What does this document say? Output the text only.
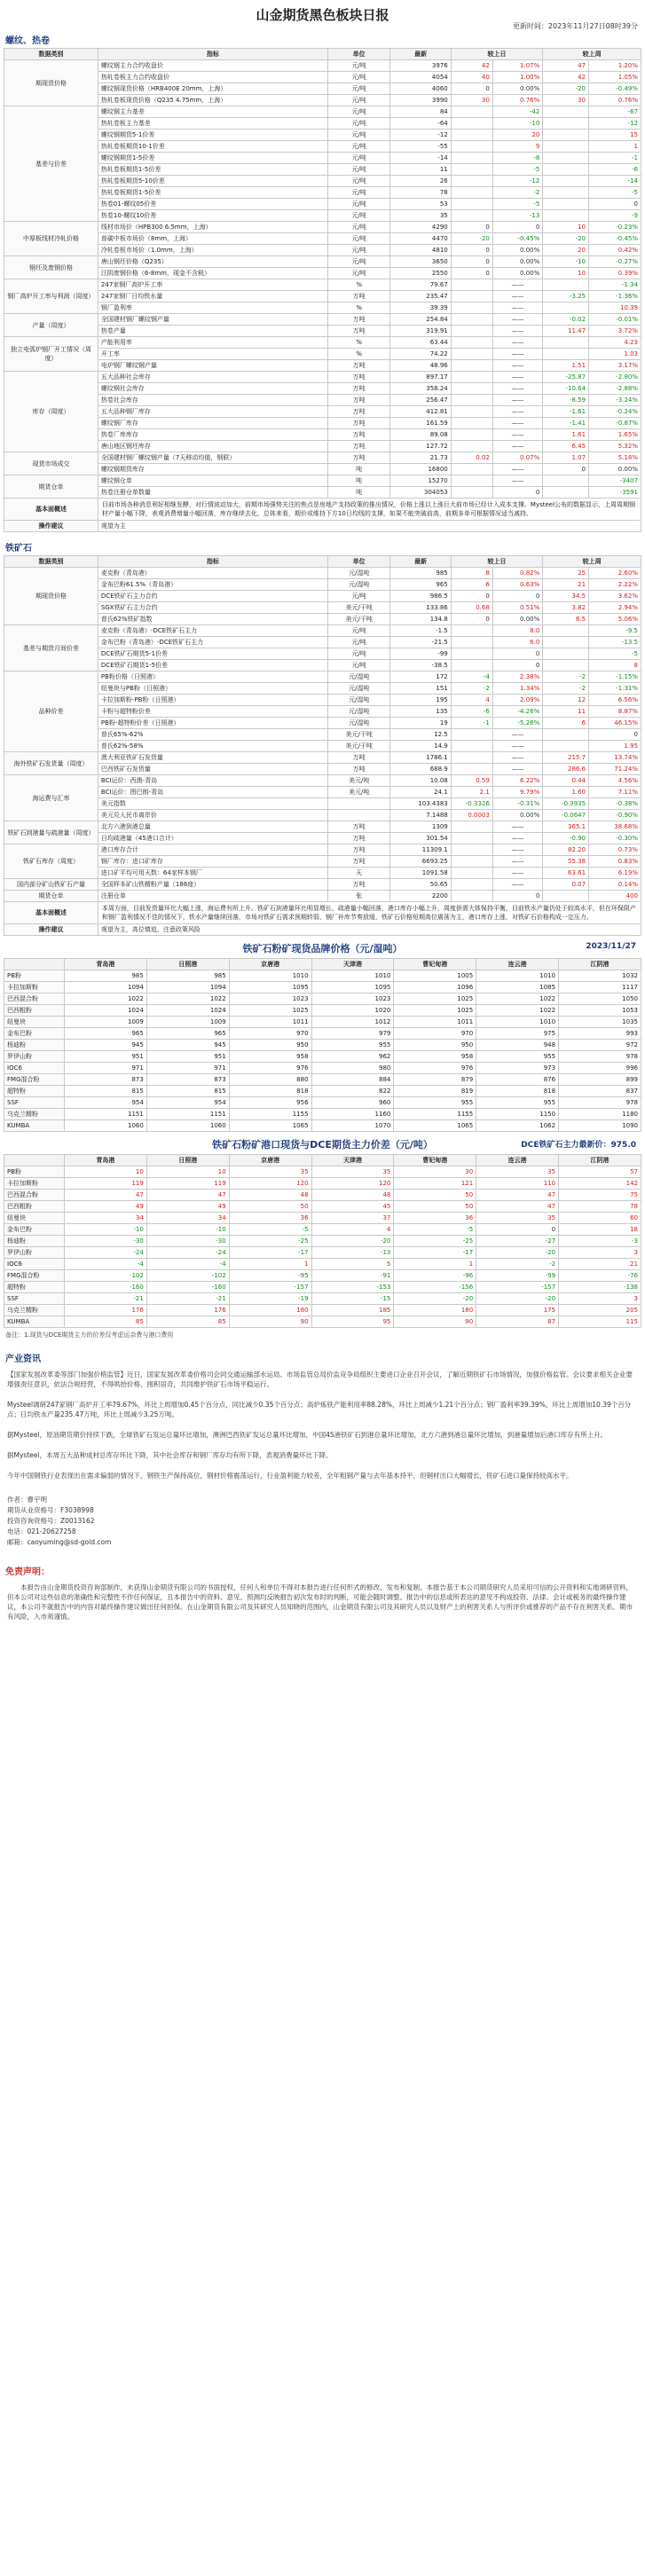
山金期货黑色板块日报
更新时间：2023年11月27日08时39分
螺纹、热卷
数据类别	指标	单位	最新	较上日		较上周	
期现货价格	螺纹钢主力合约收盘价	元/吨	3976	42	1.07%	47	1.20%
	热轧卷板主力合约收盘价	元/吨	4054	40	1.00%	42	1.05%
	螺纹钢现货价格（HRB400E 20mm，上海）	元/吨	4060	0	0.00%	-20	-0.49%
	热轧卷板现货价格（Q235 4.75mm，上海）	元/吨	3990	30	0.76%	30	0.76%
基差与价差	螺纹钢主力基差	元/吨	84		-42		-67
	热轧卷板主力基差	元/吨	-64		-10		-12
	螺纹钢期货5-1价差	元/吨	-12		20		15
	热轧卷板期货10-1价差	元/吨	-55		9		1
	螺纹钢期货1-5价差	元/吨	-14		-8		-1
	热轧卷板期货1-5价差	元/吨	11		-5		-6
	热轧卷板期货5-10价差	元/吨	26		-12		-14
	热轧卷板期货1-5价差	元/吨	78		-2		-5
	热卷01-螺纹05价差	元/吨	53		-5		0
	热卷10-螺纹10价差	元/吨	35		-13		-9
中厚板线材冷轧价格	线材市场价（HPB300 6.5mm，上海）	元/吨	4290	0	0	10	-0.23%
	普碳中板市场价（8mm，上海）	元/吨	4470	-20	-0.45%	-20	-0.45%
	冷轧卷板市场价（1.0mm，上海）	元/吨	4810	0	0.00%	20	0.42%
钢坯及废钢价格	唐山钢坯价格（Q235）	元/吨	3650	0	0.00%	-10	-0.27%
	江阴废钢价格（6-8mm，现金不含税）	元/吨	2550	0	0.00%	10	0.39%
钢厂高炉开工率与利润（周度）	247家钢厂高炉开工率	%	79.67		——		-1.34
	247家钢厂日均铁水量	万吨	235.47		——	-3.25	-1.36%
	钢厂盈利率	%	39.39		——		10.39
产量（周度）	全国建材钢厂螺纹钢产量	万吨	254.84		——	-0.02	-0.01%
	热卷产量	万吨	319.91		——	11.47	3.72%
独立电弧炉钢厂开工情况（周度）	产能利用率	%	63.44		——		4.23
	开工率	%	74.22		——		1.03
	电炉钢厂螺纹钢产量	万吨	48.96		——	1.51	3.17%
库存（周度）	五大品种社会库存	万吨	897.17		——	-25.87	-2.80%
	螺纹钢社会库存	万吨	358.24		——	-10.64	-2.88%
	热卷社会库存	万吨	256.47		——	-8.59	-3.24%
	五大品种钢厂库存	万吨	412.81		——	-1.61	-0.24%
	螺纹钢厂库存	万吨	161.59		——	-1.41	-0.87%
	热卷厂库库存	万吨	89.08		——	1.61	1.65%
	唐山地区钢坯库存	万吨	127.72		——	6.45	5.32%
现货市场成交	全国建材钢厂螺纹钢产量（7天移动均值，钢联）	万吨	21.73	0.02	0.07%	1.07	5.18%
	螺纹钢期货库存	吨	16800		——	0	0.00%
期货仓单	螺纹钢仓单	吨	15270		——		-3407
	热卷注册仓单数量	吨	304053		0		-3591
基本面概述	目前市场各种消息利好相继发酵，对行情波动加大，前期市场强势关注的焦点是房地产支持政策的推出情况，价格上涨以上涨巨大前市场已经计入成本支撑。Mysteel公布的数据显示，上周周期钢材产量小幅下降，表观消费增量小幅回落，库存继续去化，总体来看，期价或维持下方10日均线的支撑，如果不能突破前高，前期多单可根据情况适当减持。						
操作建议	观望为主						
铁矿石
数据类别	指标	单位	最新	较上日		较上周	
期现货价格	麦克粉（青岛港）	元/湿吨	985	8	0.82%	25	2.60%
	金布巴粉61.5%（青岛港）	元/湿吨	965	6	0.63%	21	2.22%
	DCE铁矿石主力合约	元/吨	986.5	0	0	34.5	3.62%
	SGX铁矿石主力合约	美元/干吨	133.86	0.68	0.51%	3.82	2.94%
	普氏62%铁矿指数	美元/干吨	134.8	0	0.00%	6.5	5.06%
基差与期货月间价差	麦克粉（青岛港）-DCE铁矿石主力	元/吨	-1.5		8.0		-9.5
	金布巴粉（青岛港）-DCE铁矿石主力	元/吨	-21.5		6.0		-13.5
	DCE铁矿石期货5-1价差	元/吨	-99		0		-5
	DCE铁矿石期货1-5价差	元/吨	-38.5		0		8
品种价差	PB粉价格（日照港）	元/湿吨	172	-4	2.38%	-2	-1.15%
	纽曼块与PB粉（日照港）	元/湿吨	151	-2	1.34%	-2	-1.31%
	卡拉加斯粉-PB粉（日照港）	元/湿吨	195	4	2.09%	12	6.56%
	卡粉与超特粉价差	元/湿吨	135	-6	-4.26%	11	8.87%
	PB粉-超特粉价差（日照港）	元/湿吨	19	-1	-5.26%	6	46.15%
	普氏65%-62%	美元/干吨	12.5		——		0
	普氏62%-58%	美元/干吨	14.9		——		1.95
海外铁矿石发货量（周度）	澳大利亚铁矿石发货量	万吨	1786.1		——	215.7	13.74%
	巴西铁矿石发货量	万吨	688.9		——	286.6	71.24%
海运费与汇率	BCI运价：西澳-青岛	美元/吨	10.08	0.59	6.22%	0.44	4.56%
	BCI运价：图巴朗-青岛	美元/吨	24.1	2.1	9.79%	1.60	7.11%
	美元指数		103.4383	-0.3326	-0.31%	-0.3935	-0.38%
	美元兑人民币离岸价		7.1488	0.0003	0.00%	-0.0647	-0.90%
铁矿石到港量与疏港量（周度）	北方六港到港总量	万吨	1309		——	365.1	38.68%
	日均疏港量（45港口合计）	万吨	301.54		——	-0.90	-0.30%
铁矿石库存（周度）	港口库存合计	万吨	11309.1		——	82.20	0.73%
	钢厂库存：进口矿库存	万吨	6693.25		——	55.38	0.83%
	进口矿平均可用天数：64家样本钢厂	天	1091.58		——	63.61	6.19%
国内部分矿山铁矿石产量	全国样本矿山铁精粉产量（186座）	万吨	50.65		——	0.07	0.14%
期货仓单	注册仓单	张	2200		0		400
基本面概述	本周方面，目前发货量环比大幅上涨，海运费有所上升。铁矿石到港量环比明显增长，疏港量小幅回落，港口库存小幅上升，周度供需大体保持平衡。目前铁水产量仍处于较高水平，但在环保限产和钢厂盈利情况不佳的情况下，铁水产量继续回落，市场对铁矿石需求预期转弱，钢厂补库节奏放缓，铁矿石价格短期高位震荡为主，港口库存上涨，对铁矿石价格构成一定压力。						
操作建议	观望为主，高位慎追，注意政策风险						
铁矿石粉矿现货品牌价格（元/湿吨）	2023/11/27
	青岛港	日照港	京唐港	天津港	曹妃甸港	连云港	江阴港
PB粉	985	985	1010	1010	1005	1010	1032
卡拉加斯粉	1094	1094	1095	1095	1096	1085	1117
巴西混合粉	1022	1022	1023	1023	1025	1022	1050
巴西粗粉	1024	1024	1025	1020	1025	1022	1053
纽曼块	1009	1009	1011	1012	1011	1010	1035
金布巴粉	965	965	970	979	970	975	993
杨迪粉	945	945	950	955	950	948	972
罗伊山粉	951	951	958	962	958	955	978
IOC6	971	971	976	980	976	973	996
FMG混合粉	873	873	880	884	879	876	899
超特粉	815	815	818	822	819	818	837
SSF	954	954	956	960	955	955	978
乌克兰精粉	1151	1151	1155	1160	1155	1150	1180
KUMBA	1060	1060	1065	1070	1065	1062	1090
铁矿石粉矿港口现货与DCE期货主力价差（元/吨）	DCE铁矿石主力最新价：975.0
	青岛港	日照港	京唐港	天津港	曹妃甸港	连云港	江阴港
PB粉	10	10	35	35	30	35	57
卡拉加斯粉	119	119	120	120	121	110	142
巴西混合粉	47	47	48	48	50	47	75
巴西粗粉	49	49	50	45	50	47	78
纽曼块	34	34	36	37	36	35	60
金布巴粉	-10	-10	-5	4	-5	0	18
杨迪粉	-30	-30	-25	-20	-25	-27	-3
罗伊山粉	-24	-24	-17	-13	-17	-20	3
IOC6	-4	-4	1	5	1	-2	21
FMG混合粉	-102	-102	-95	-91	-96	-99	-76
超特粉	-160	-160	-157	-153	-156	-157	-138
SSF	-21	-21	-19	-15	-20	-20	3
乌克兰精粉	176	176	180	185	180	175	205
KUMBA	85	85	90	95	90	87	115
备注：1.现货与DCE期货主力的价差仅考虑运杂费与港口费用
产业资讯

【国家发展改革委等部门加强价格监管】近日，国家发展改革委价格司会同交通运输部水运局、市场监管总局价监竞争局组织主要进口企业召开会议，了解近期铁矿石市场情况，加强价格监管。会议要求相关企业要增强责任意识，依法合规经营，不得哄抬价格、囤积居奇，共同维护铁矿石市场平稳运行。

Mysteel调研247家钢厂高炉开工率79.67%，环比上周增加0.45个百分点，同比减少0.35个百分点；高炉炼铁产能利用率88.28%，环比上周减少1.21个百分点；钢厂盈利率39.39%，环比上周增加10.39个百分点；日均铁水产量235.47万吨，环比上周减少3.25万吨。

据Mysteel，原油期货期价持续下跌，全球铁矿石发运总量环比增加，澳洲巴西铁矿发运总量环比增加，中国45港铁矿石到港总量环比增加，北方六港到港总量环比增加，到港量增加后港口库存有所上升。

据Mysteel，本周五大品种成材总库存环比下降，其中社会库存和钢厂库存均有所下降，表观消费量环比下降。

今年中国钢铁行业表现出在需求偏弱的情况下，钢铁生产保持高位，钢材价格震荡运行，行业盈利能力较差，全年粗钢产量与去年基本持平，但钢材出口大幅增长，铁矿石进口量保持较高水平。

作者：曹宇明
期货从业资格号：F3038998
投资咨询资格号：Z0013162
电话：021-20627258
邮箱：caoyuming@sd-gold.com
免责声明：

本报告由山金期货投资咨询部制作，未获得山金期货有限公司的书面授权，任何人和单位不得对本报告进行任何形式的修改、发布和复制。本报告基于本公司期货研究人员采用可信的公开资料和实地调研资料，但本公司对这些信息的准确性和完整性不作任何保证，且本报告中的资料、意见、预测均反映报告初次发布时的判断，可能会随时调整。报告中的信息或所表达的意见不构成投资、法律、会计或税务的最终操作建议，本公司不就报告中的内容对最终操作建议做出任何担保。在山金期货有限公司及其研究人员知晓的范围内，山金期货有限公司及其研究人员以及财产上的利害关系人与所评价或推荐的产品不存在利害关系。期市有风险，入市须谨慎。
